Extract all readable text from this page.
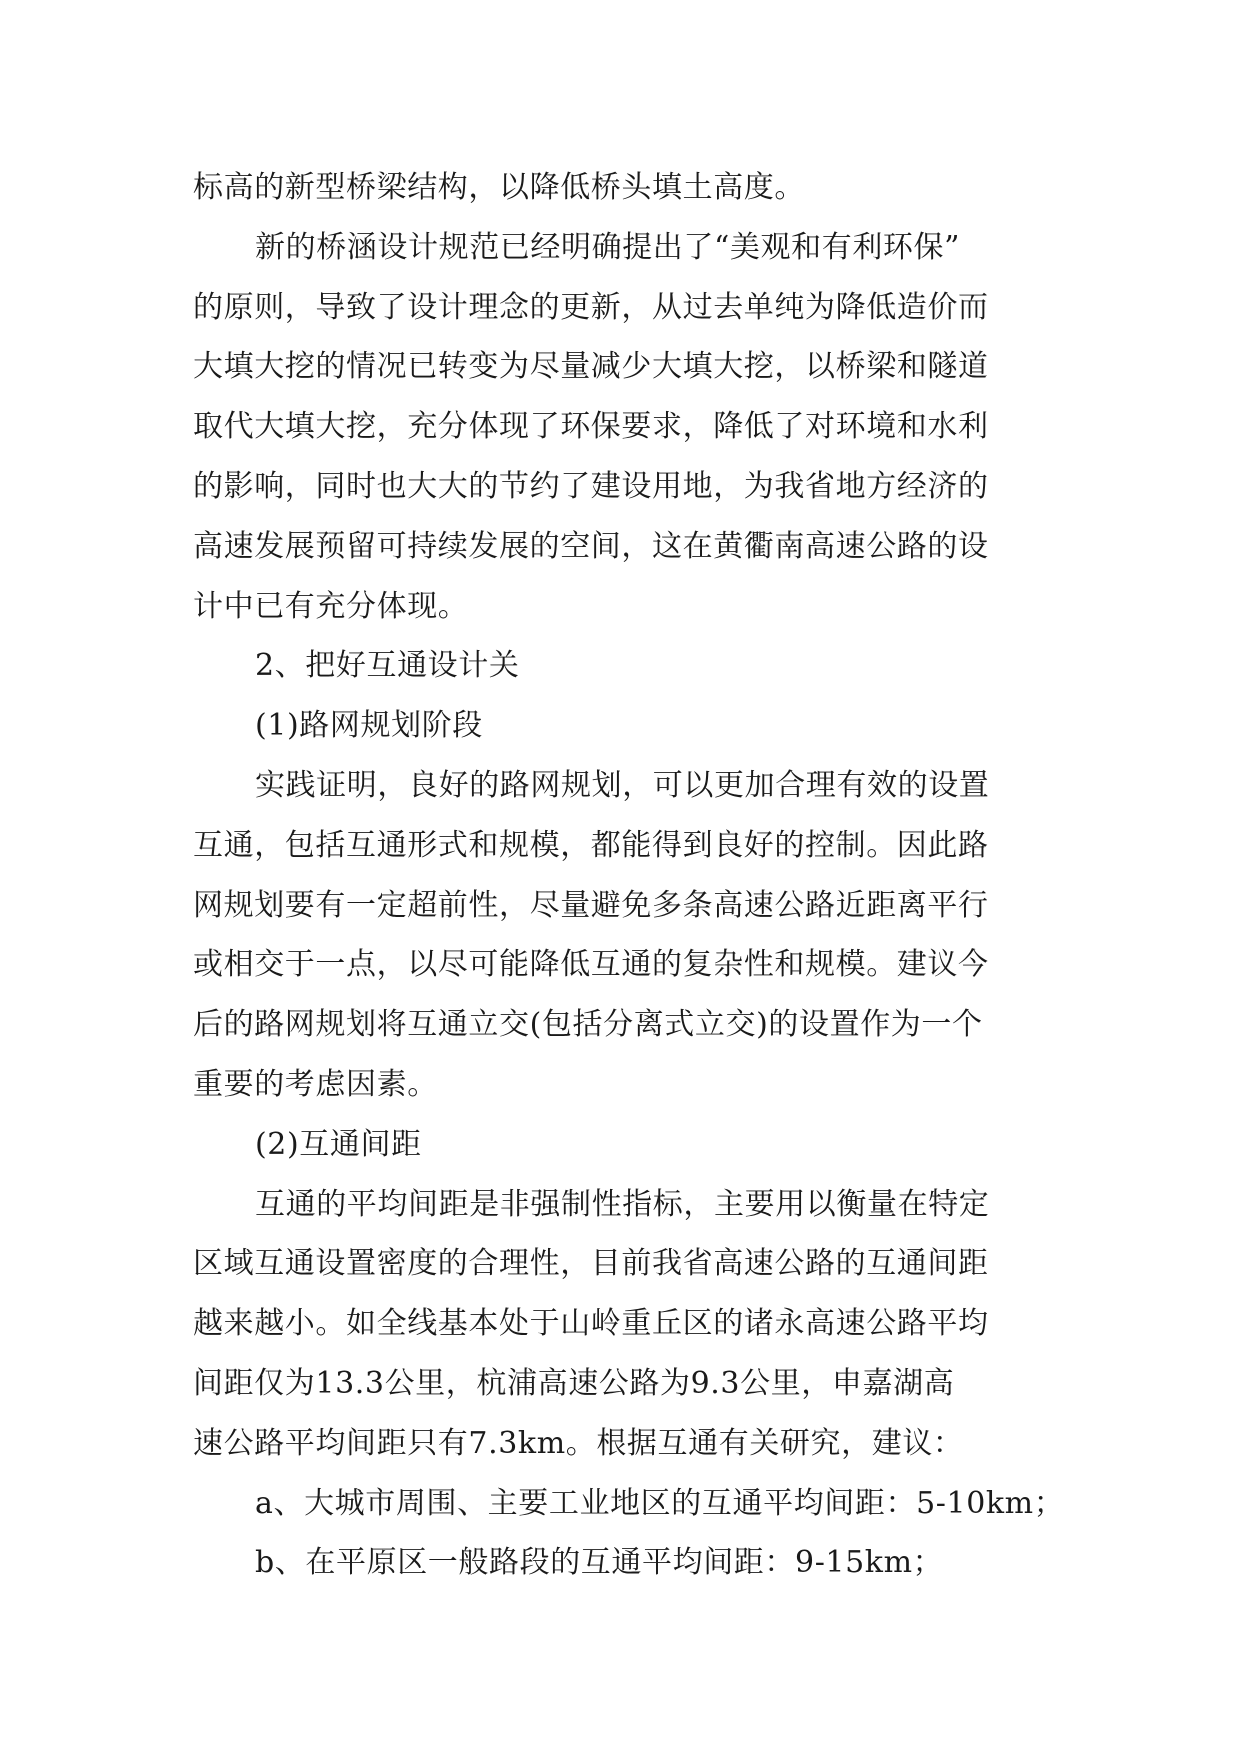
标高的新型桥梁结构，以降低桥头填土高度。
新的桥涵设计规范已经明确提出了“美观和有利环保”
的原则，导致了设计理念的更新，从过去单纯为降低造价而
大填大挖的情况已转变为尽量减少大填大挖，以桥梁和隧道
取代大填大挖，充分体现了环保要求，降低了对环境和水利
的影响，同时也大大的节约了建设用地，为我省地方经济的
高速发展预留可持续发展的空间，这在黄衢南高速公路的设
计中已有充分体现。
2、把好互通设计关
(1)路网规划阶段
实践证明，良好的路网规划，可以更加合理有效的设置
互通，包括互通形式和规模，都能得到良好的控制。因此路
网规划要有一定超前性，尽量避免多条高速公路近距离平行
或相交于一点，以尽可能降低互通的复杂性和规模。建议今
后的路网规划将互通立交(包括分离式立交)的设置作为一个
重要的考虑因素。
(2)互通间距
互通的平均间距是非强制性指标，主要用以衡量在特定
区域互通设置密度的合理性，目前我省高速公路的互通间距
越来越小。如全线基本处于山岭重丘区的诸永高速公路平均
间距仅为13.3公里，杭浦高速公路为9.3公里，申嘉湖高
速公路平均间距只有7.3km。根据互通有关研究，建议：
a、大城市周围、主要工业地区的互通平均间距：5-10km；
b、在平原区一般路段的互通平均间距：9-15km；
